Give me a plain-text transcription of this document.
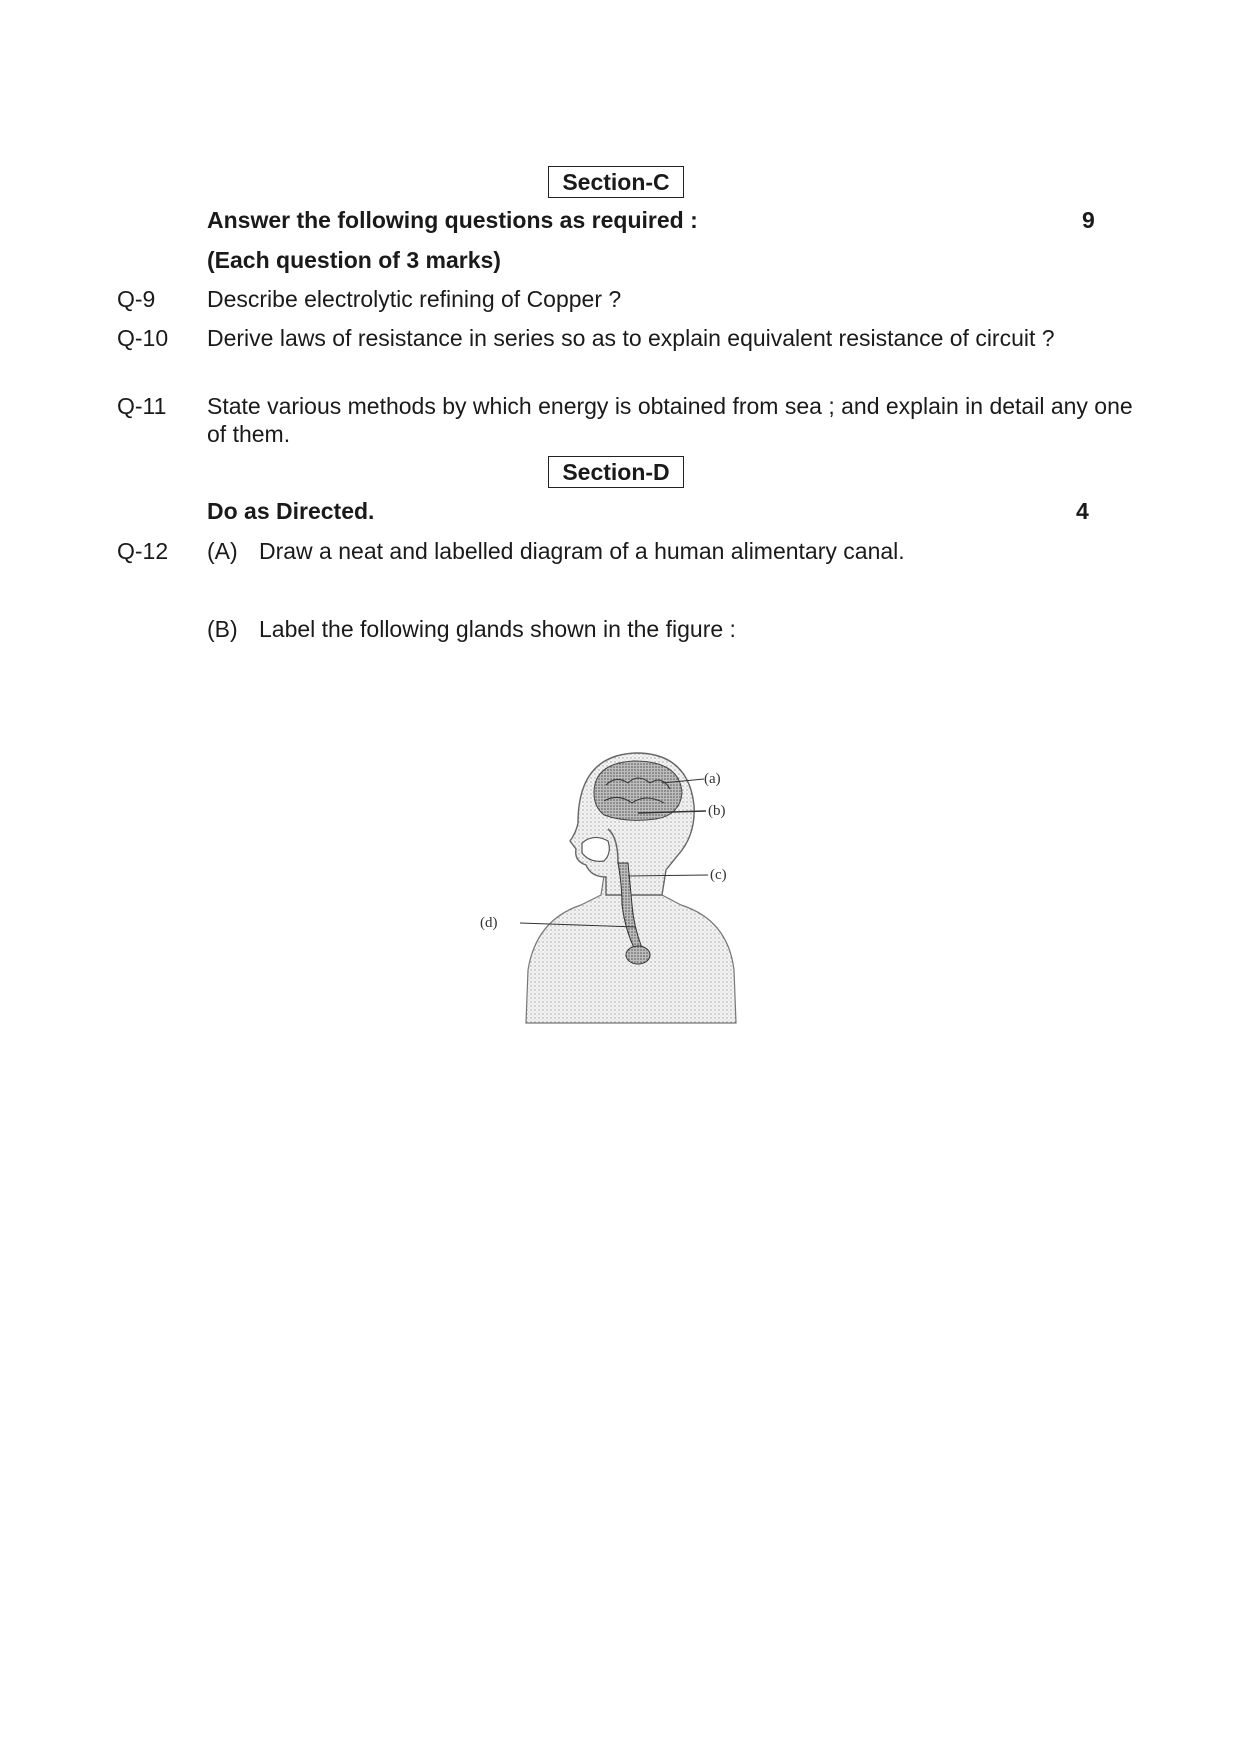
Section-C
Answer the following questions as required :	9
(Each question of 3 marks)
Q-9 Describe electrolytic refining of Copper ?
Q-10 Derive laws of resistance in series so as to explain equivalent resistance of circuit ?
Q-11 State various methods by which energy is obtained from sea ; and explain in detail any one of them.
Section-D
Do as Directed.	4
Q-12 (A) Draw a neat and labelled diagram of a human alimentary canal.
(B) Label the following glands shown in the figure :
(a)
(b)
(c)
(d)
